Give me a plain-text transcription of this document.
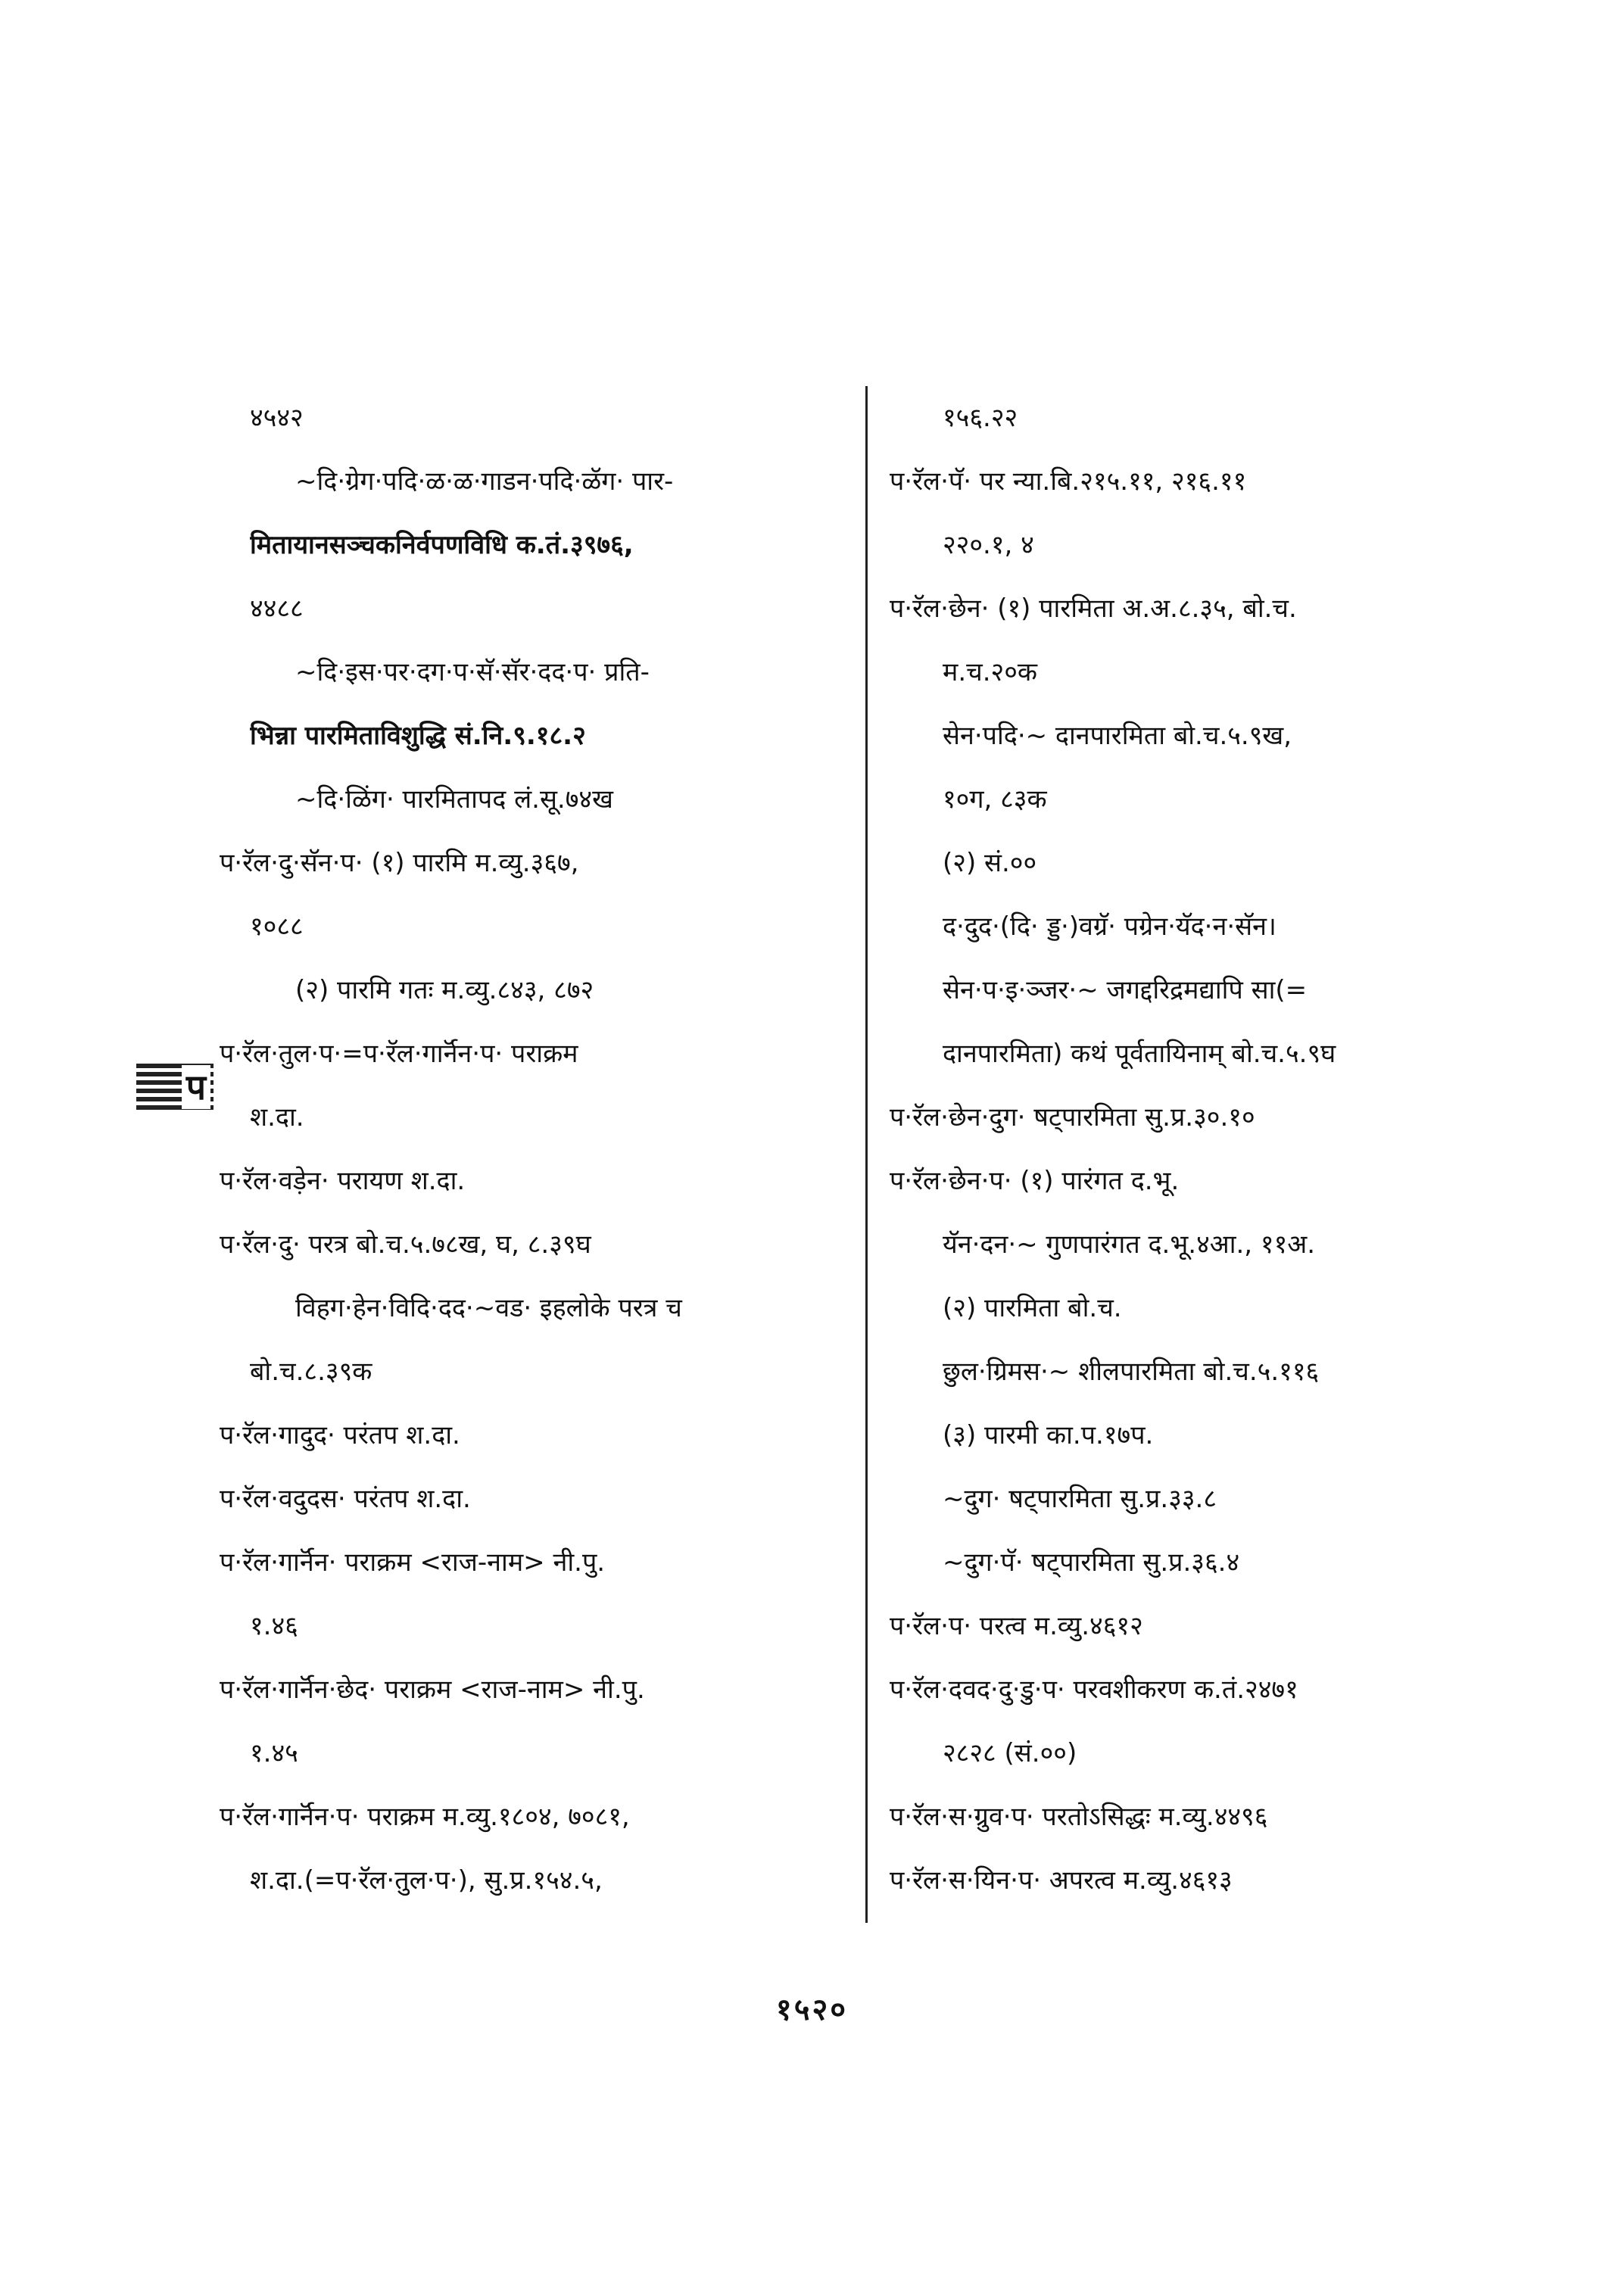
४५४२
~दि·ग्रेग·पदि·ळ·ळ·गाडन·पदि·ळॅग· पार-
मितायानसञ्चकनिर्वपणविधि क.तं.३९७६,
४४८८
~दि·इस·पर·दग·प·सॅ·सॅर·दद·प· प्रति-
भिन्ना पारमिताविशुद्धि सं.नि.९.१८.२
~दि·ळिंग· पारमितापद लं.सू.७४ख
प·रॅल·दु·सॅन·प· (१) पारमि म.व्यु.३६७,
१०८८
(२) पारमि गतः म.व्यु.८४३, ८७२
प·रॅल·तुल·प·=प·रॅल·गार्नॅन·प· पराक्रम
श.दा.
प·रॅल·वड़ेन· परायण श.दा.
प·रॅल·दु· परत्र बो.च.५.७८ख, घ, ८.३९घ
विहग·हेन·विदि·दद·~वड· इहलोके परत्र च
बो.च.८.३९क
प·रॅल·गादुद· परंतप श.दा.
प·रॅल·वदुदस· परंतप श.दा.
प·रॅल·गार्नॅन· पराक्रम <राज-नाम> नी.पु.
१.४६
प·रॅल·गार्नॅन·छेद· पराक्रम <राज-नाम> नी.पु.
१.४५
प·रॅल·गार्नॅन·प· पराक्रम म.व्यु.१८०४, ७०८१,
श.दा.(=प·रॅल·तुल·प·), सु.प्र.१५४.५,
१५६.२२
प·रॅल·पॅ· पर न्या.बि.२१५.११, २१६.११
२२०.१, ४
प·रॅल·छेन· (१) पारमिता अ.अ.८.३५, बो.च.
म.च.२०क
सेन·पदि·~ दानपारमिता बो.च.५.९ख,
१०ग, ८३क
(२) सं.००
द·दुद·(दि· ड्ड·)वग्रॅ· पग्रेन·यॅद·न·सॅन।
सेन·प·इ·ञ्जर·~ जगद्दरिद्रमद्यापि सा(=
दानपारमिता) कथं पूर्वतायिनाम् बो.च.५.९घ
प·रॅल·छेन·दुग· षट्पारमिता सु.प्र.३०.१०
प·रॅल·छेन·प· (१) पारंगत द.भू.
यॅन·दन·~ गुणपारंगत द.भू.४आ., ११अ.
(२) पारमिता बो.च.
छुल·ग्रिमस·~ शीलपारमिता बो.च.५.११६
(३) पारमी का.प.१७प.
~दुग· षट्पारमिता सु.प्र.३३.८
~दुग·पॅ· षट्पारमिता सु.प्र.३६.४
प·रॅल·प· परत्व म.व्यु.४६१२
प·रॅल·दवद·दु·डु·प· परवशीकरण क.तं.२४७१
२८२८ (सं.००)
प·रॅल·स·ग्रुव·प· परतोऽसिद्धः म.व्यु.४४९६
प·रॅल·स·यिन·प· अपरत्व म.व्यु.४६१३
प
१५२०
